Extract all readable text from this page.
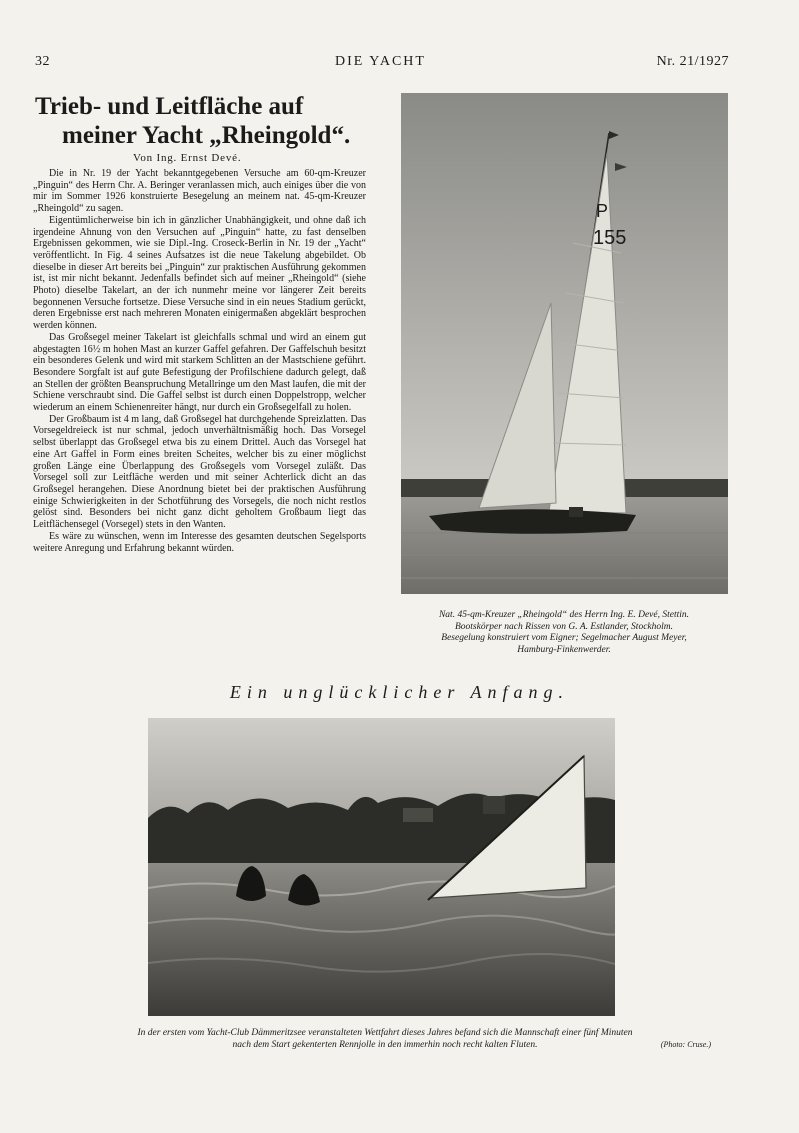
32	DIE YACHT	Nr. 21/1927
Trieb- und Leitfläche auf
meiner Yacht „Rheingold“.
Von Ing. Ernst Devé.

Die in Nr. 19 der Yacht bekanntgegebenen Versuche am 60-qm-Kreuzer „Pinguin“ des Herrn Chr. A. Beringer veranlassen mich, auch einiges über die von mir im Sommer 1926 konstruierte Besegelung an meinem nat. 45-qm-Kreuzer „Rheingold“ zu sagen.

Eigentümlicherweise bin ich in gänzlicher Unabhängigkeit, und ohne daß ich irgendeine Ahnung von den Versuchen auf „Pinguin“ hatte, zu fast denselben Ergebnissen gekommen, wie sie Dipl.-Ing. Croseck-Berlin in Nr. 19 der „Yacht“ veröffentlicht. In Fig. 4 seines Aufsatzes ist die neue Takelung abgebildet. Ob dieselbe in dieser Art bereits bei „Pinguin“ zur praktischen Ausführung gekommen ist, ist mir nicht bekannt. Jedenfalls befindet sich auf meiner „Rheingold“ (siehe Photo) dieselbe Takelart, an der ich nunmehr meine vor längerer Zeit bereits begonnenen Versuche fortsetze. Diese Versuche sind in ein neues Stadium gerückt, deren Ergebnisse erst nach mehreren Monaten einigermaßen abgeklärt besprochen werden können.

Das Großsegel meiner Takelart ist gleichfalls schmal und wird an einem gut abgestagten 16½ m hohen Mast an kurzer Gaffel gefahren. Der Gaffelschuh besitzt ein besonderes Gelenk und wird mit starkem Schlitten an der Mastschiene geführt. Besondere Sorgfalt ist auf gute Befestigung der Profilschiene dadurch gelegt, daß an Stellen der größten Beanspruchung Metallringe um den Mast laufen, die mit der Schiene verschraubt sind. Die Gaffel selbst ist durch einen Doppelstropp, welcher wiederum an einem Schienenreiter hängt, nur durch ein Großsegelfall zu holen.

Der Großbaum ist 4 m lang, daß Großsegel hat durchgehende Spreizlatten. Das Vorsegeldreieck ist nur schmal, jedoch unverhältnismäßig hoch. Das Vorsegel selbst überlappt das Großsegel etwa bis zu einem Drittel. Auch das Vorsegel hat eine Art Gaffel in Form eines breiten Scheites, welcher bis zu einer möglichst großen Länge eine Überlappung des Großsegels vom Vorsegel zuläßt. Das Vorsegel soll zur Leitfläche werden und mit seiner Achterlick dicht an das Großsegel herangehen. Diese Anordnung bietet bei der praktischen Ausführung einige Schwierigkeiten in der Schotführung des Vorsegels, die noch nicht restlos gelöst sind. Besonders bei nicht ganz dicht geholtem Großbaum liegt das Leitflächensegel (Vorsegel) stets in den Wanten.

Es wäre zu wünschen, wenn im Interesse des gesamten deutschen Segelsports weitere Anregung und Erfahrung bekannt würden.

P
155
Nat. 45-qm-Kreuzer „Rheingold“ des Herrn Ing. E. Devé, Stettin.
Bootskörper nach Rissen von G. A. Estlander, Stockholm.
Besegelung konstruiert vom Eigner; Segelmacher August Meyer,
Hamburg-Finkenwerder.
Ein unglücklicher Anfang.
In der ersten vom Yacht-Club Dämmeritzsee veranstalteten Wettfahrt dieses Jahres befand sich die Mannschaft einer fünf Minuten
nach dem Start gekenterten Rennjolle in den immerhin noch recht kalten Fluten.	(Photo: Cruse.)
